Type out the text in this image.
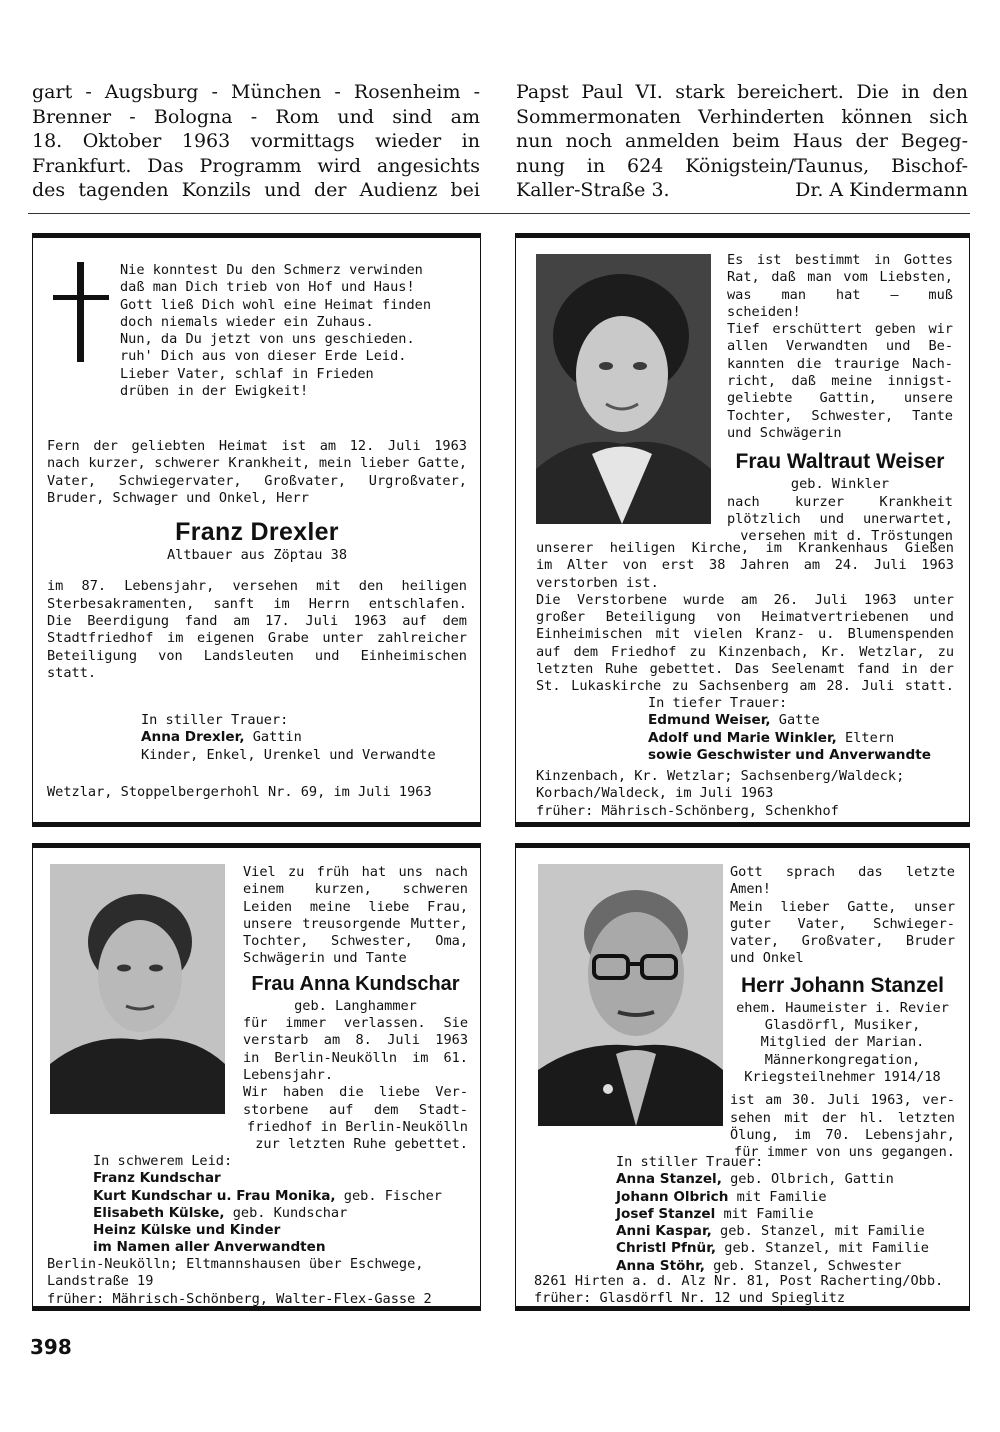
gart - Augsburg - München - Rosenheim -
Brenner - Bologna - Rom und sind am
18. Oktober 1963 vormittags wieder in
Frankfurt. Das Programm wird angesichts
des tagenden Konzils und der Audienz bei
Papst Paul VI. stark bereichert. Die in den
Sommermonaten Verhinderten können sich
nun noch anmelden beim Haus der Begeg-
nung in 624 Königstein/Taunus, Bischof-
Kaller-Straße 3.	Dr. A Kindermann
Nie konntest Du den Schmerz verwinden
daß man Dich trieb von Hof und Haus!
Gott ließ Dich wohl eine Heimat finden
doch niemals wieder ein Zuhaus.
Nun, da Du jetzt von uns geschieden.
ruh' Dich aus von dieser Erde Leid.
Lieber Vater, schlaf in Frieden
drüben in der Ewigkeit!
Fern der geliebten Heimat ist am 12. Juli 1963
nach kurzer, schwerer Krankheit, mein lieber Gatte,
Vater, Schwiegervater, Großvater, Urgroßvater,
Bruder, Schwager und Onkel, Herr
Franz Drexler
Altbauer aus Zöptau 38
im 87. Lebensjahr, versehen mit den heiligen
Sterbesakramenten, sanft im Herrn entschlafen.
Die Beerdigung fand am 17. Juli 1963 auf dem
Stadtfriedhof im eigenen Grabe unter zahlreicher
Beteiligung von Landsleuten und Einheimischen
statt.
In stiller Trauer:
Anna Drexler, Gattin
Kinder, Enkel, Urenkel und Verwandte
Wetzlar, Stoppelbergerhohl Nr. 69, im Juli 1963
Es ist bestimmt in Gottes
Rat, daß man vom Liebsten,
was man hat — muß
scheiden!
Tief erschüttert geben wir
allen Verwandten und Be-
kannten die traurige Nach-
richt, daß meine innigst-
geliebte Gattin, unsere
Tochter, Schwester, Tante
und Schwägerin
Frau Waltraut Weiser
geb. Winkler
nach kurzer Krankheit
plötzlich und unerwartet,
versehen mit d. Tröstungen
unserer heiligen Kirche, im Krankenhaus Gießen
im Alter von erst 38 Jahren am 24. Juli 1963
verstorben ist.
Die Verstorbene wurde am 26. Juli 1963 unter
großer Beteiligung von Heimatvertriebenen und
Einheimischen mit vielen Kranz- u. Blumenspenden
auf dem Friedhof zu Kinzenbach, Kr. Wetzlar, zu
letzten Ruhe gebettet. Das Seelenamt fand in der
St. Lukaskirche zu Sachsenberg am 28. Juli statt.
In tiefer Trauer:
Edmund Weiser, Gatte
Adolf und Marie Winkler, Eltern
sowie Geschwister und Anverwandte
Kinzenbach, Kr. Wetzlar; Sachsenberg/Waldeck;
Korbach/Waldeck, im Juli 1963
früher: Mährisch-Schönberg, Schenkhof
Viel zu früh hat uns nach
einem kurzen, schweren
Leiden meine liebe Frau,
unsere treusorgende Mutter,
Tochter, Schwester, Oma,
Schwägerin und Tante
Frau Anna Kundschar
geb. Langhammer
für immer verlassen. Sie
verstarb am 8. Juli 1963
in Berlin-Neukölln im 61.
Lebensjahr.
Wir haben die liebe Ver-
storbene auf dem Stadt-
friedhof in Berlin-Neukölln
zur letzten Ruhe gebettet.
In schwerem Leid:
Franz Kundschar
Kurt Kundschar u. Frau Monika, geb. Fischer
Elisabeth Külske, geb. Kundschar
Heinz Külske und Kinder
im Namen aller Anverwandten
Berlin-Neukölln; Eltmannshausen über Eschwege,
Landstraße 19
früher: Mährisch-Schönberg, Walter-Flex-Gasse 2
Gott sprach das letzte
Amen!
Mein lieber Gatte, unser
guter Vater, Schwieger-
vater, Großvater, Bruder
und Onkel
Herr Johann Stanzel
ehem. Haumeister i. Revier
Glasdörfl, Musiker,
Mitglied der Marian.
Männerkongregation,
Kriegsteilnehmer 1914/18
ist am 30. Juli 1963, ver-
sehen mit der hl. letzten
Ölung, im 70. Lebensjahr,
für immer von uns gegangen.
In stiller Trauer:
Anna Stanzel, geb. Olbrich, Gattin
Johann Olbrich mit Familie
Josef Stanzel mit Familie
Anni Kaspar, geb. Stanzel, mit Familie
Christl Pfnür, geb. Stanzel, mit Familie
Anna Stöhr, geb. Stanzel, Schwester
8261 Hirten a. d. Alz Nr. 81, Post Racherting/Obb.
früher: Glasdörfl Nr. 12 und Spieglitz
398
